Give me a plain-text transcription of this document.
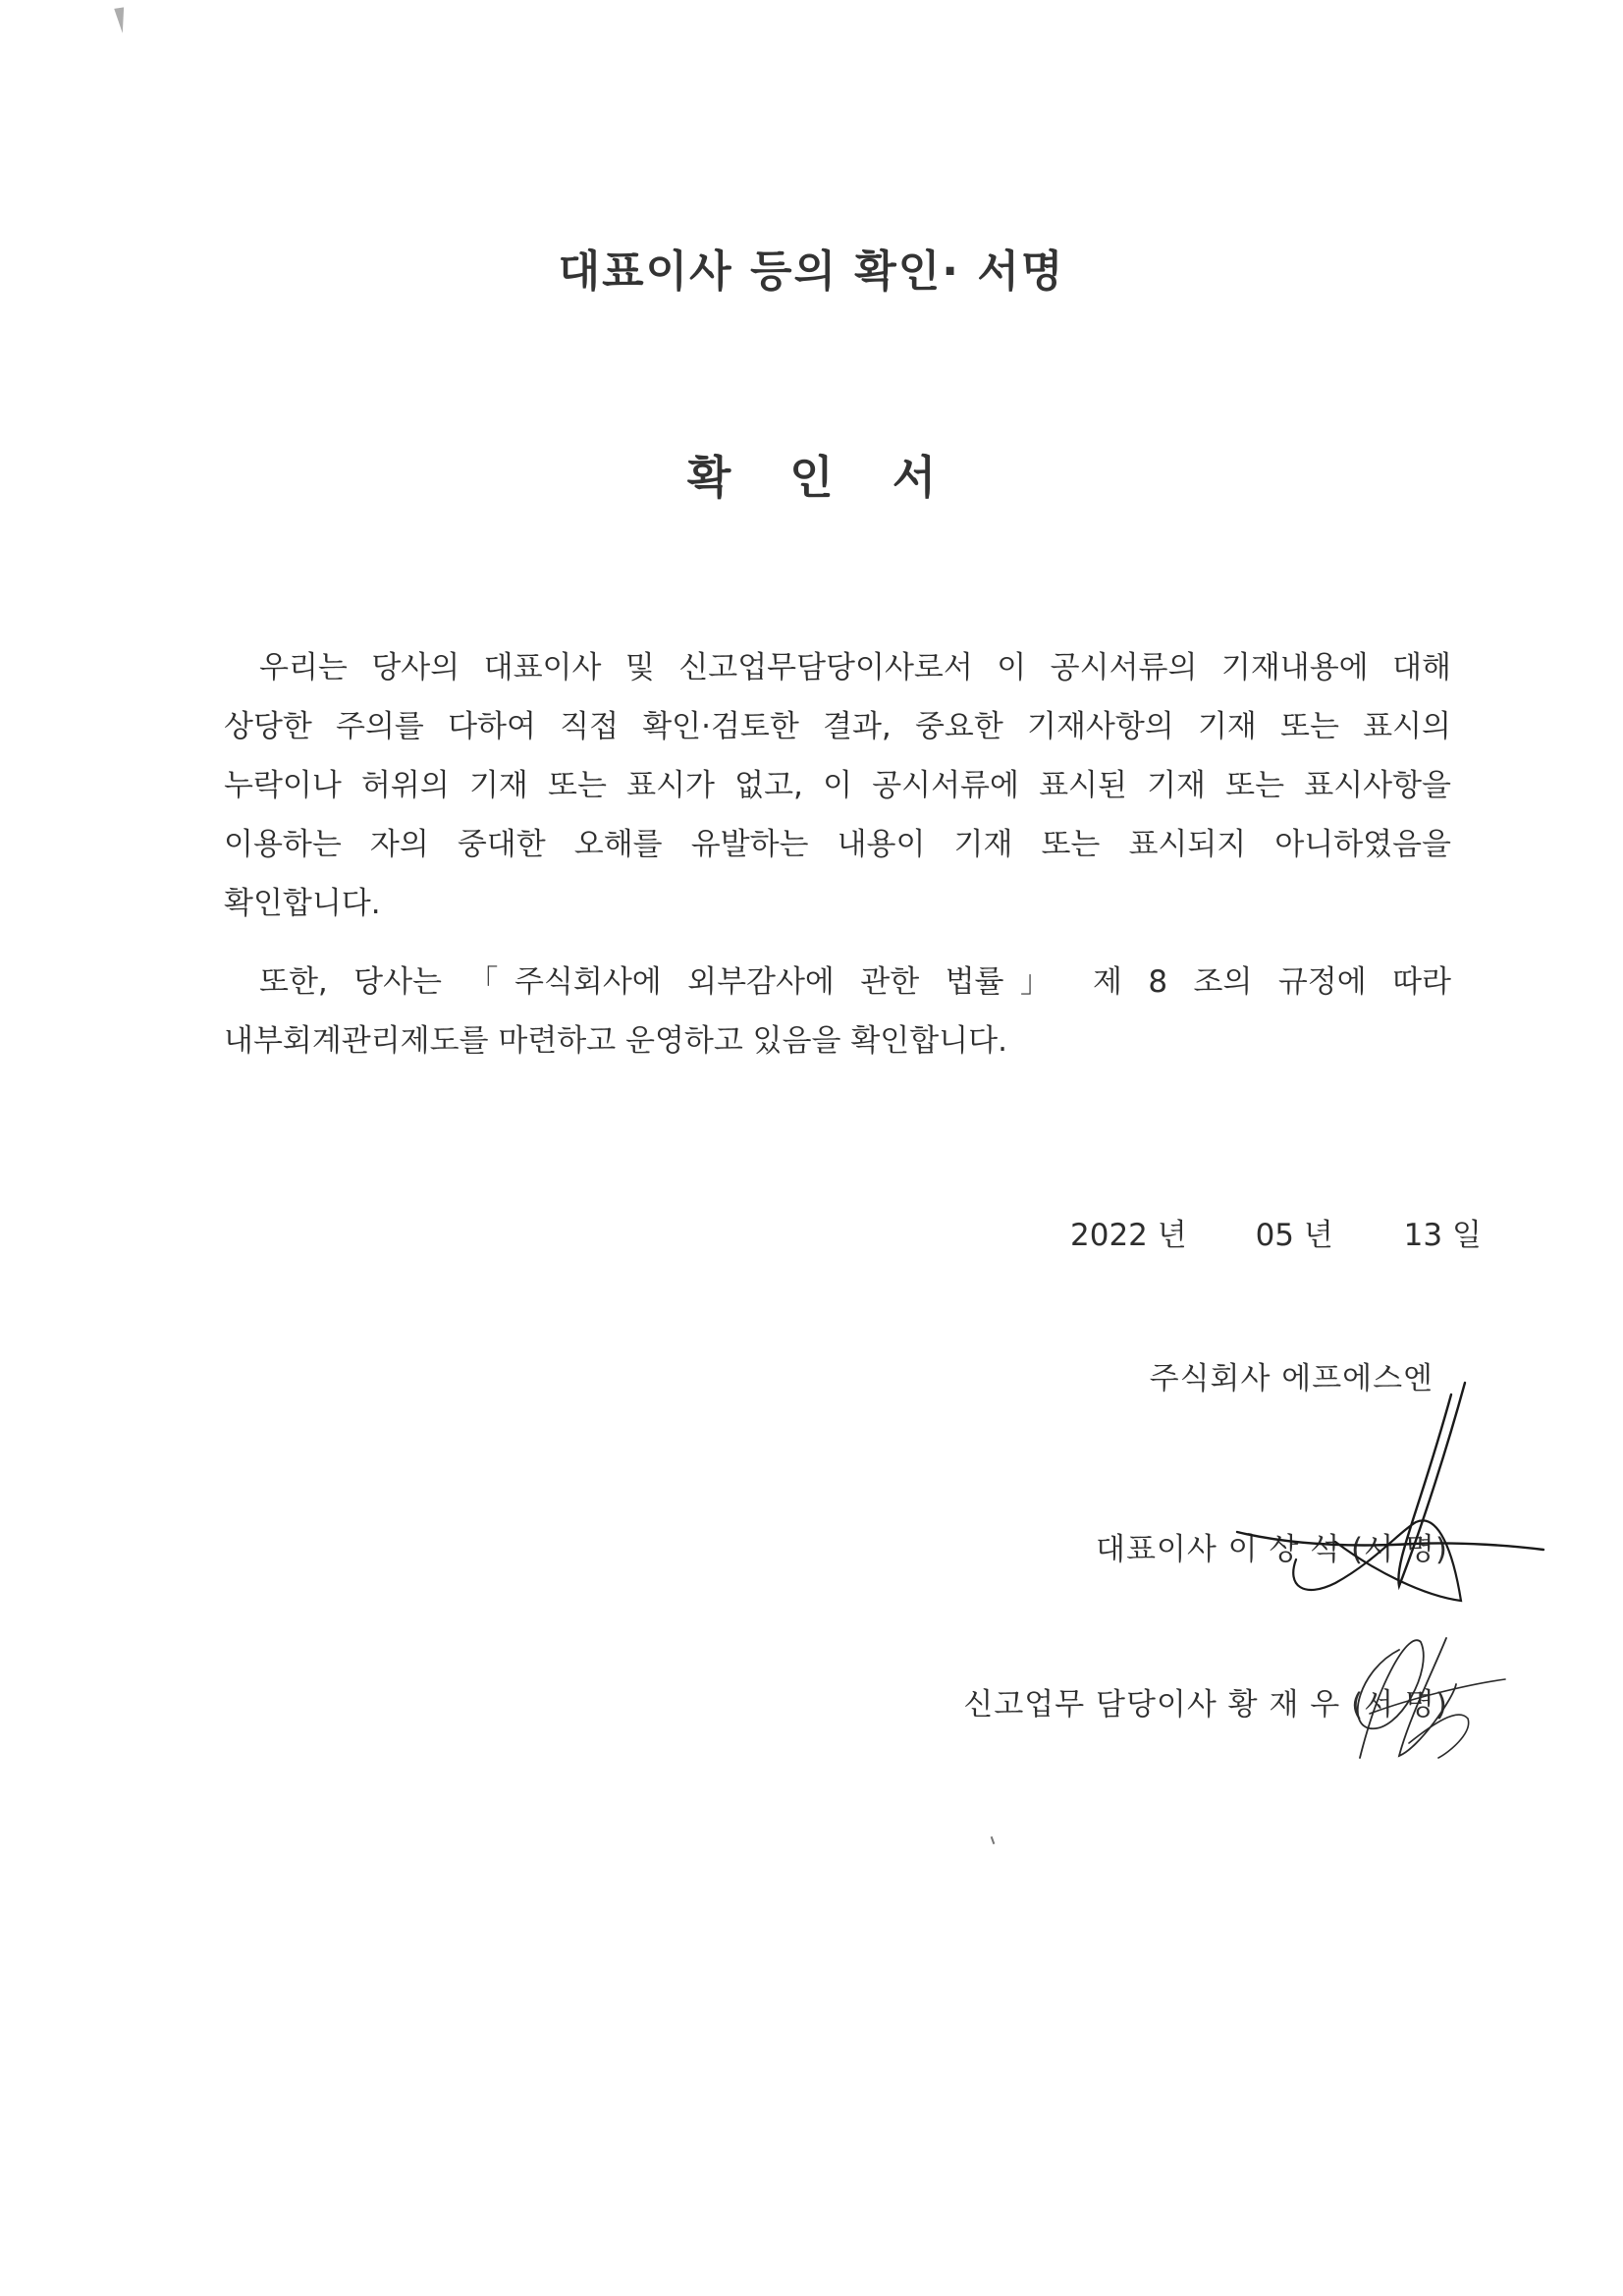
대표이사 등의 확인· 서명
확 인 서
우리는 당사의 대표이사 및 신고업무담당이사로서 이 공시서류의 기재내용에 대해
상당한 주의를 다하여 직접 확인·검토한 결과, 중요한 기재사항의 기재 또는 표시의
누락이나 허위의 기재 또는 표시가 없고, 이 공시서류에 표시된 기재 또는 표시사항을
이용하는 자의 중대한 오해를 유발하는 내용이 기재 또는 표시되지 아니하였음을
확인합니다.
또한, 당사는 「주식회사에 외부감사에 관한 법률」 제 8 조의 규정에 따라
내부회계관리제도를 마련하고 운영하고 있음을 확인합니다.
2022 년 05 년 13 일
주식회사 에프에스엔
대표이사 이 상 석 (서 명)
신고업무 담당이사 황 재 우 (서 명)
